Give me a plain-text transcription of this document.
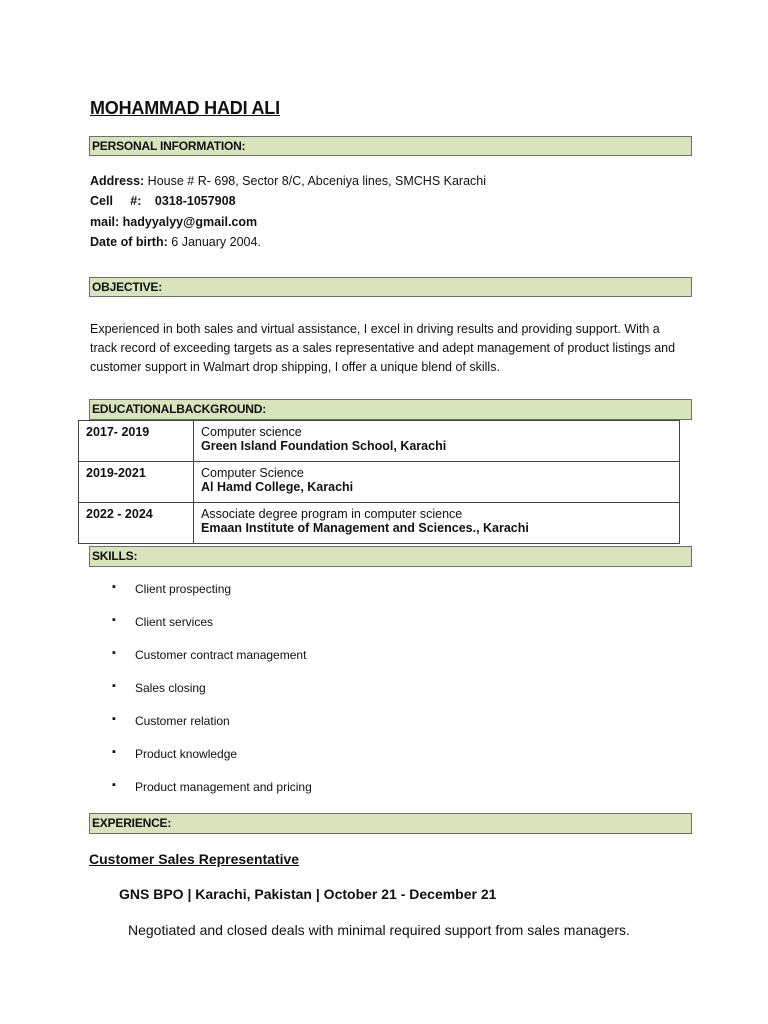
MOHAMMAD HADI ALI
PERSONAL INFORMATION:
Address: House # R- 698, Sector 8/C, Abceniya lines, SMCHS Karachi
Cell     #: 0318-1057908
mail: hadyyalyy@gmail.com
Date of birth: 6 January 2004.
OBJECTIVE:
Experienced in both sales and virtual assistance, I excel in driving results and providing support. With a track record of exceeding targets as a sales representative and adept management of product listings and customer support in Walmart drop shipping, I offer a unique blend of skills.
EDUCATIONALBACKGROUND:
2017- 2019	Computer science
Green Island Foundation School, Karachi

2019-2021	Computer Science
Al Hamd College, Karachi

2022 - 2024	Associate degree program in computer science
Emaan Institute of Management and Sciences., Karachi
SKILLS:
▪ Client prospecting
▪ Client services
▪ Customer contract management
▪ Sales closing
▪ Customer relation
▪ Product knowledge
▪ Product management and pricing
EXPERIENCE:
Customer Sales Representative
GNS BPO | Karachi, Pakistan | October 21 - December 21
Negotiated and closed deals with minimal required support from sales managers.
